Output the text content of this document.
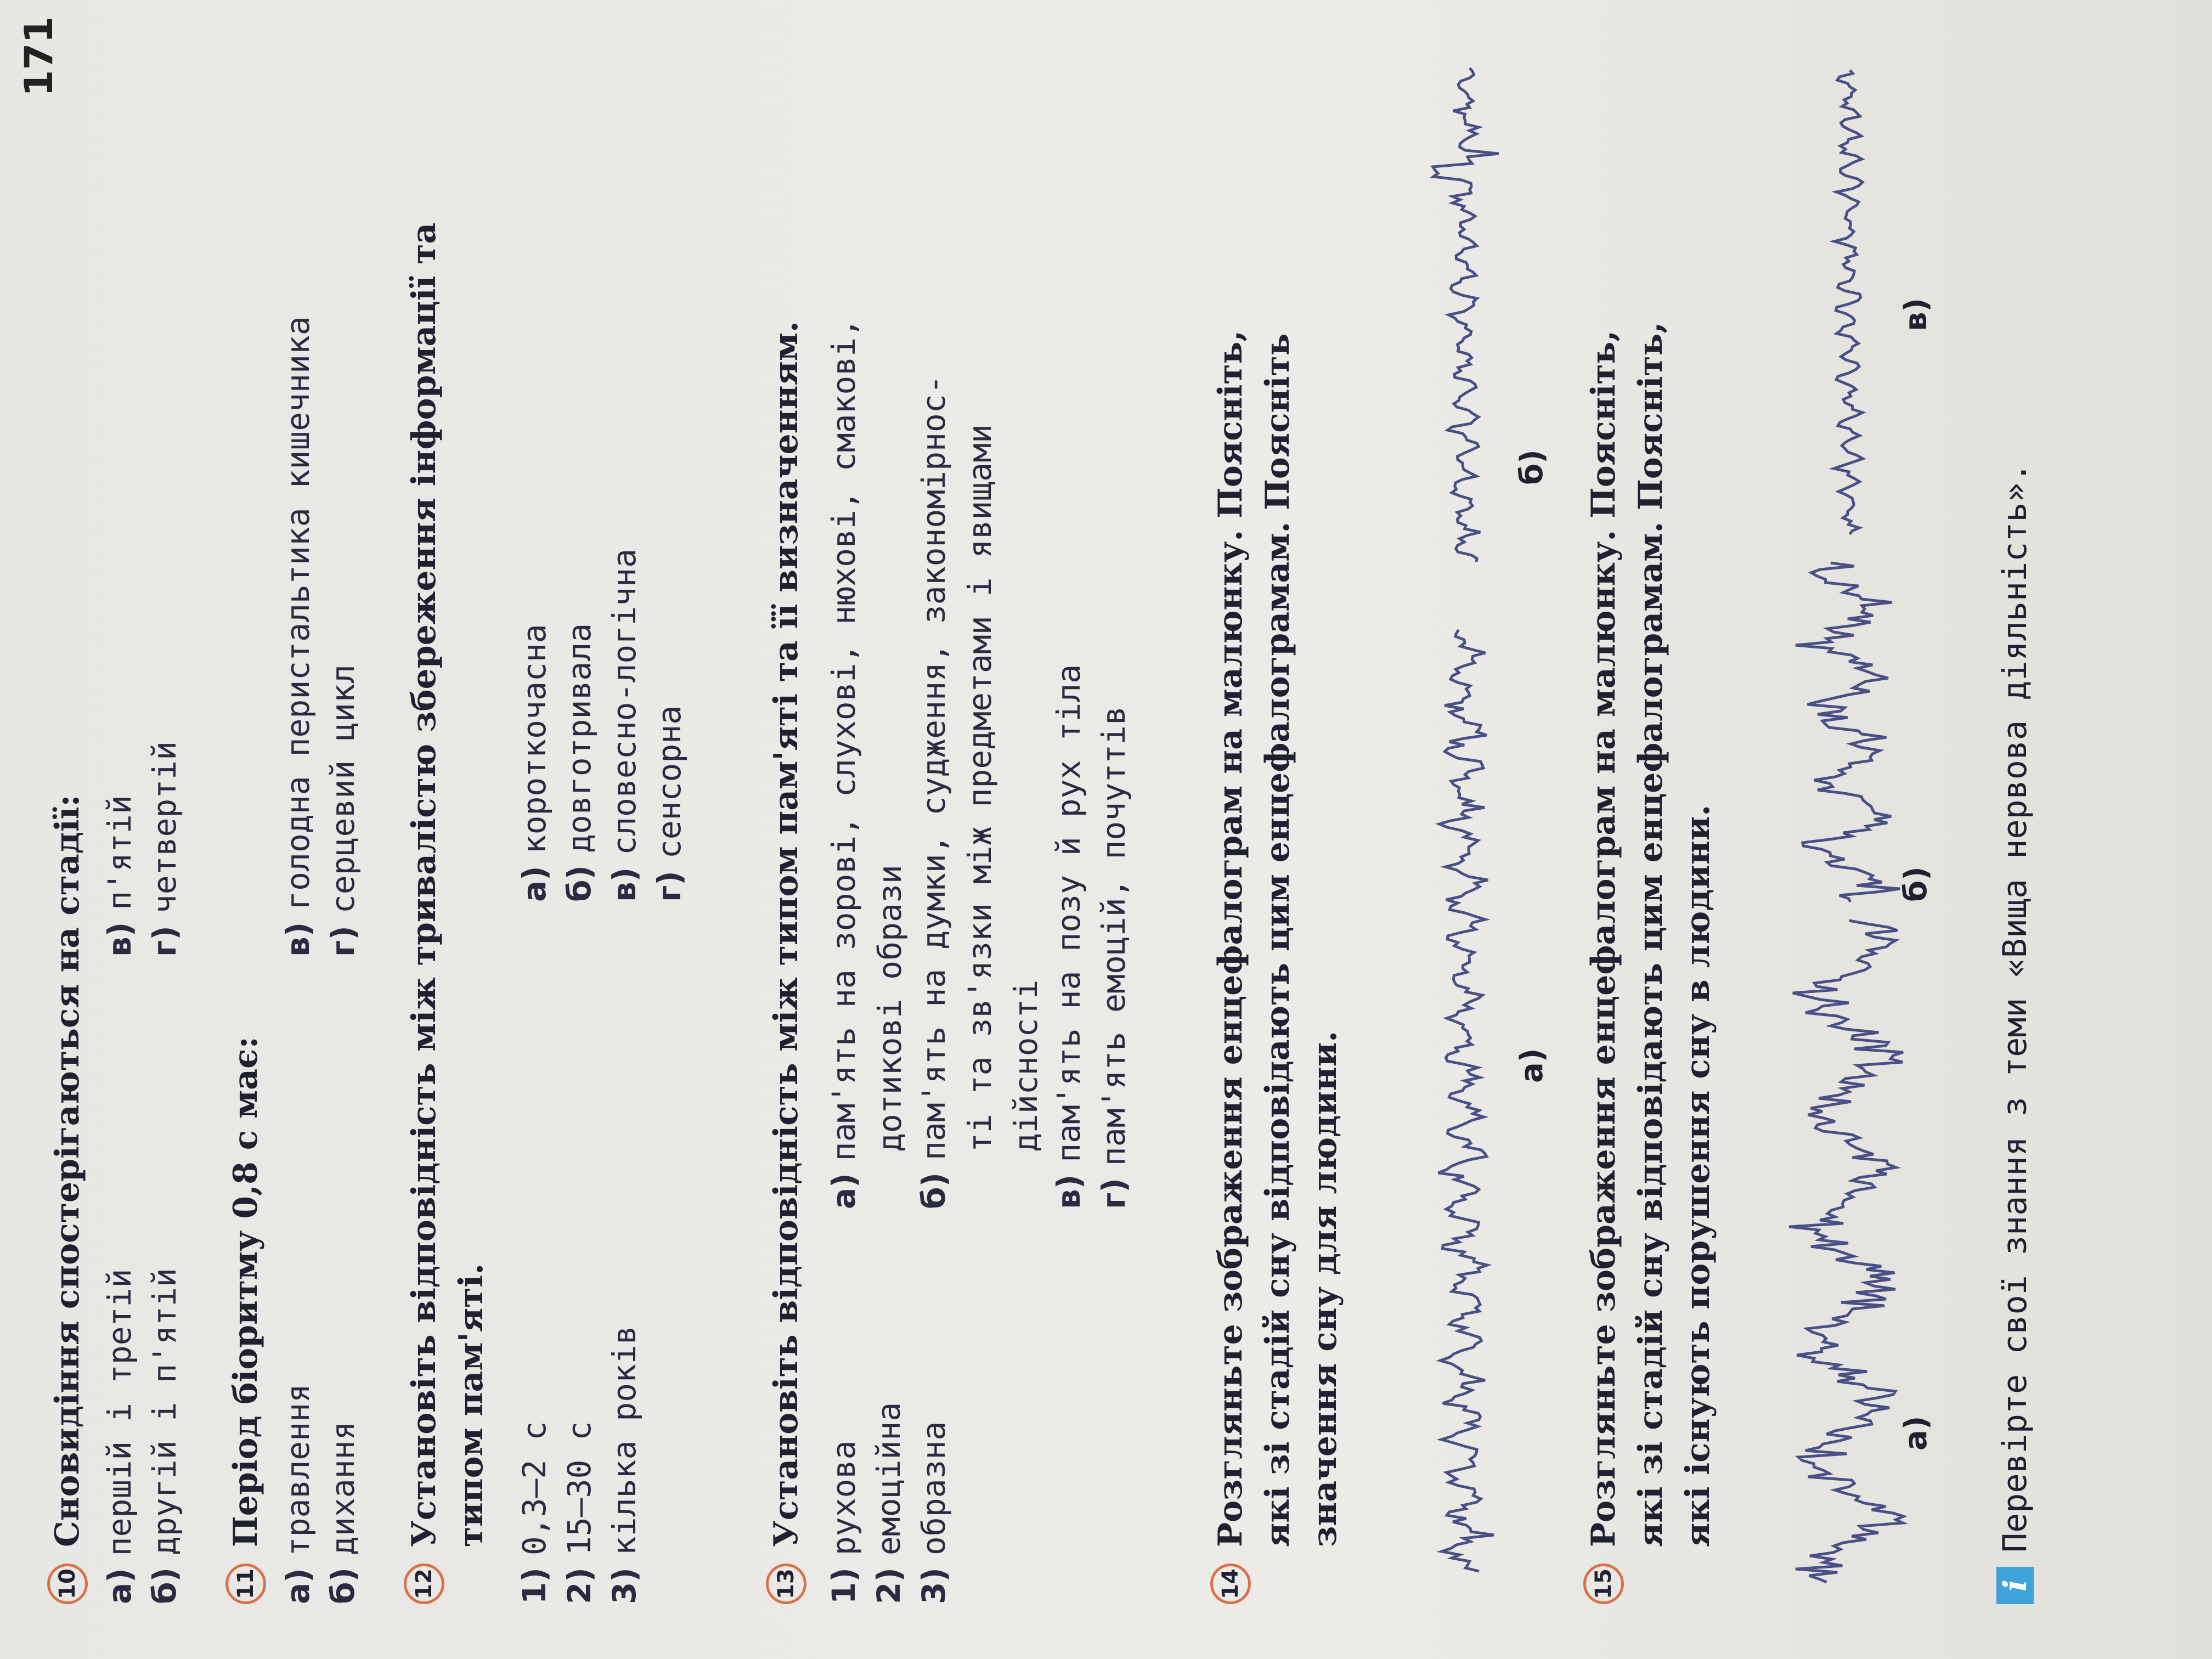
171
10
Сновидіння спостерігаються на стадії:
а)першій і третій
б)другій і п'ятій
в)п'ятій
г)четвертій
11
Період біоритму 0,8 с має:
а)травлення
б)дихання
в)голодна перистальтика кишечника
г)серцевий цикл
12
Установіть відповідність між тривалістю збереження інформації та типом пам'яті.
1)0,3–2 с
2)15–30 с
3)кілька років
а)короткочасна
б)довготривала
в)словесно-логічна
г)сенсорна
13
Установіть відповідність між типом пам'яті та її визначенням.
1)рухова
2)емоційна
3)образна
а)пам'ять на зорові, слухові, нюхові, смакові, дотикові образи
б)пам'ять на думки, судження, закономірнос- ті та зв'язки між предметами і явищами дійсності
в)пам'ять на позу й рух тіла
г)пам'ять емоцій, почуттів
14
Розгляньте зображення енцефалограм на малюнку. Поясніть, які зі стадій сну відповідають цим енцефалограмам. Поясніть значення сну для людини.	а)
б)
15
Розгляньте зображення енцефалограм на малюнку. Поясніть, які зі стадій сну відповідають цим енцефалограмам. Поясніть, які існують порушення сну в людини.	а)
б)
в)
i
Перевірте свої знання з теми «Вища нервова діяльність».
